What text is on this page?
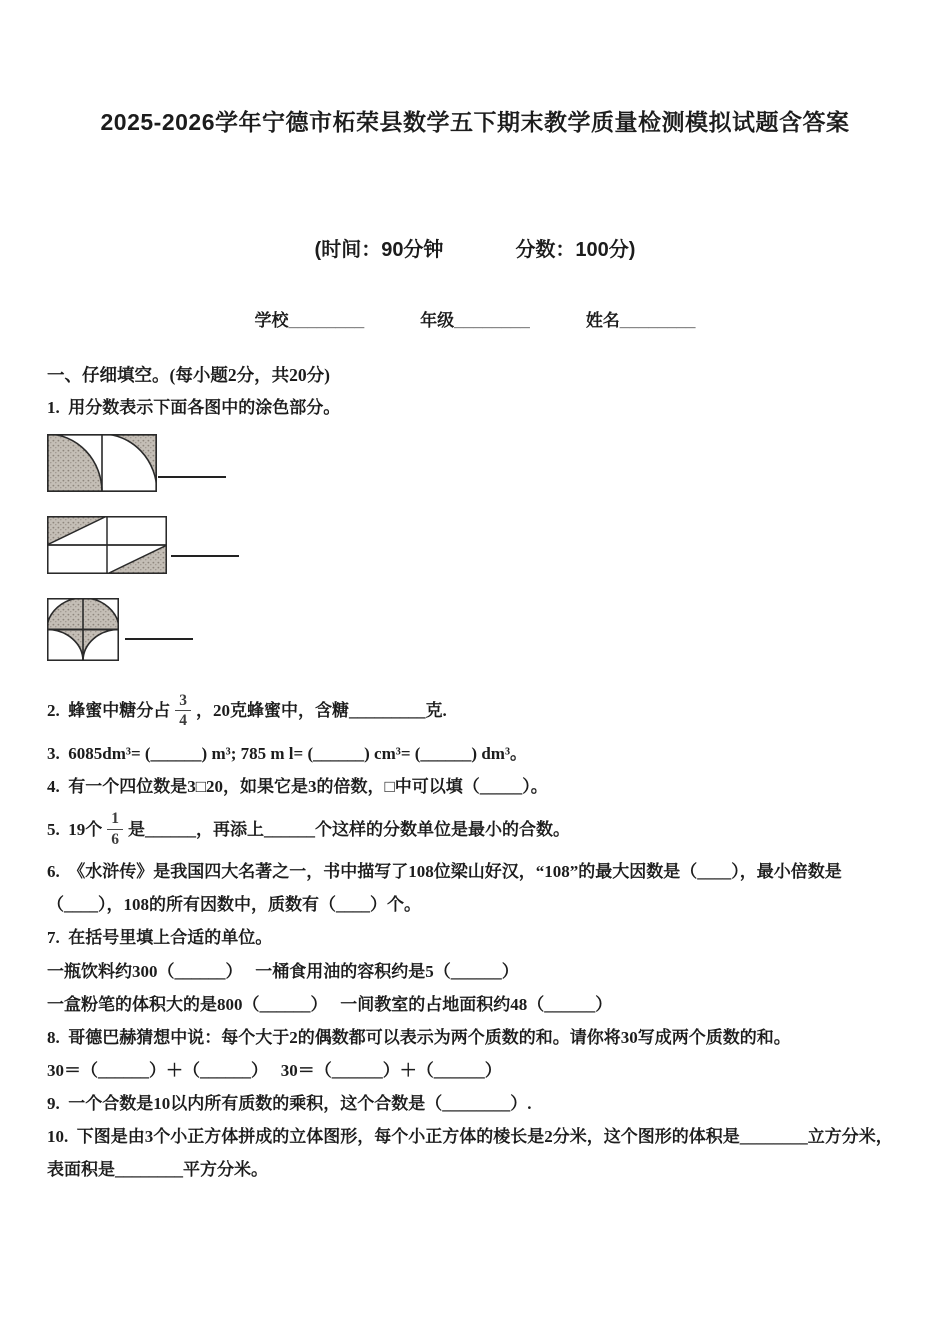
2025-2026学年宁德市柘荣县数学五下期末教学质量检测模拟试题含答案
(时间：90分钟	分数：100分)
学校________	年级________	姓名________

一、仔细填空。(每小题2分，共20分)

1.  用分数表示下面各图中的涂色部分。

2.  蜂蜜中糖分占 $\frac{3}{4}$ ，20克蜂蜜中，含糖_________克.

3.  6085dm³= (______) m³; 785 m l= (______) cm³= (______) dm³。

4.  有一个四位数是3□20，如果它是3的倍数，□中可以填（_____）。

5.  19个 $\frac{1}{6}$ 是______，再添上______个这样的分数单位是最小的合数。

6.  《水浒传》是我国四大名著之一，书中描写了108位梁山好汉，“108”的最大因数是（____），最小倍数是（____），108的所有因数中，质数有（____）个。

7.  在括号里填上合适的单位。

一瓶饮料约300（______）　 一桶食用油的容积约是5（______）

一盒粉笔的体积大的是800（______）　 一间教室的占地面积约48（______）

8.  哥德巴赫猜想中说：每个大于2的偶数都可以表示为两个质数的和。请你将30写成两个质数的和。

30＝（______）＋（______）　 30＝（______）＋（______）

9.  一个合数是10以内所有质数的乘积，这个合数是（________）.

10.  下图是由3个小正方体拼成的立体图形，每个小正方体的棱长是2分米，这个图形的体积是________立方分米，表面积是________平方分米。
